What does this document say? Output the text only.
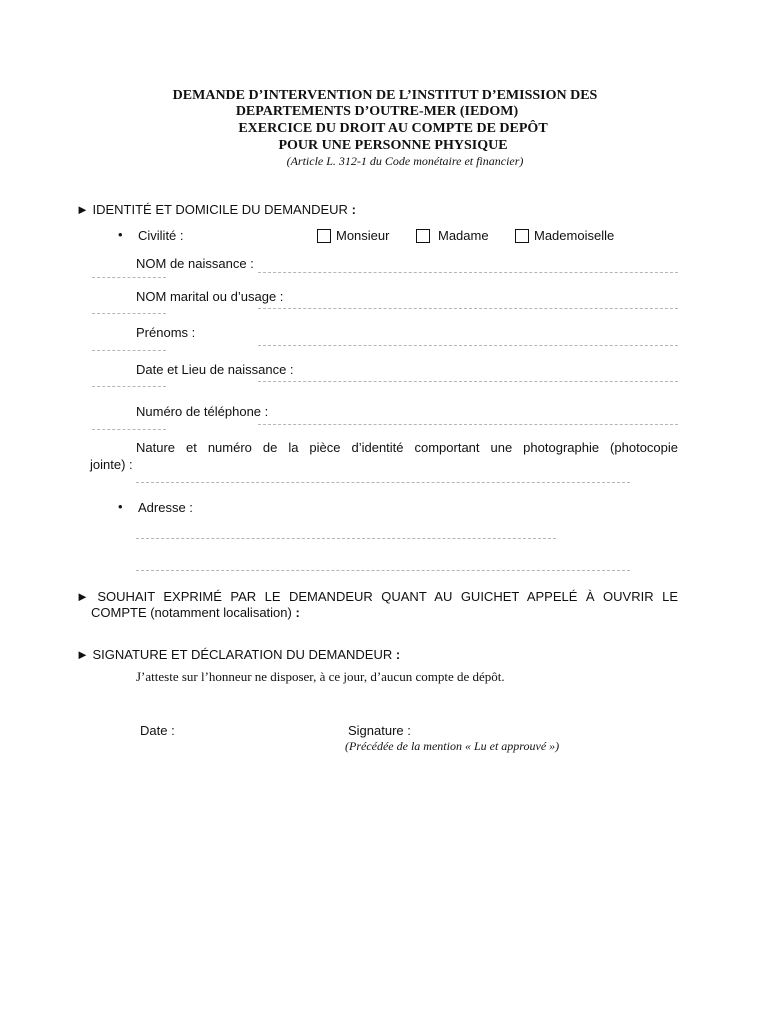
DEMANDE D’INTERVENTION DE L’INSTITUT D’EMISSION DES
DEPARTEMENTS D’OUTRE-MER (IEDOM)
EXERCICE DU DROIT AU COMPTE DE DEPÔT
POUR UNE PERSONNE PHYSIQUE
(Article L. 312-1 du Code monétaire et financier)
► IDENTITÉ ET DOMICILE DU DEMANDEUR :
• Civilité :	Monsieur	Madame	Mademoiselle
NOM de naissance :
NOM marital ou d’usage :
Prénoms :
Date et Lieu de naissance :
Numéro de téléphone :
Nature et numéro de la pièce d’identité comportant une photographie (photocopie
jointe) :
• Adresse :
► SOUHAIT EXPRIMÉ PAR LE DEMANDEUR QUANT AU GUICHET APPELÉ À OUVRIR LE
COMPTE (notamment localisation) :
► SIGNATURE ET DÉCLARATION DU DEMANDEUR :
J’atteste sur l’honneur ne disposer, à ce jour, d’aucun compte de dépôt.
Date :	Signature :
(Précédée de la mention « Lu et approuvé »)
